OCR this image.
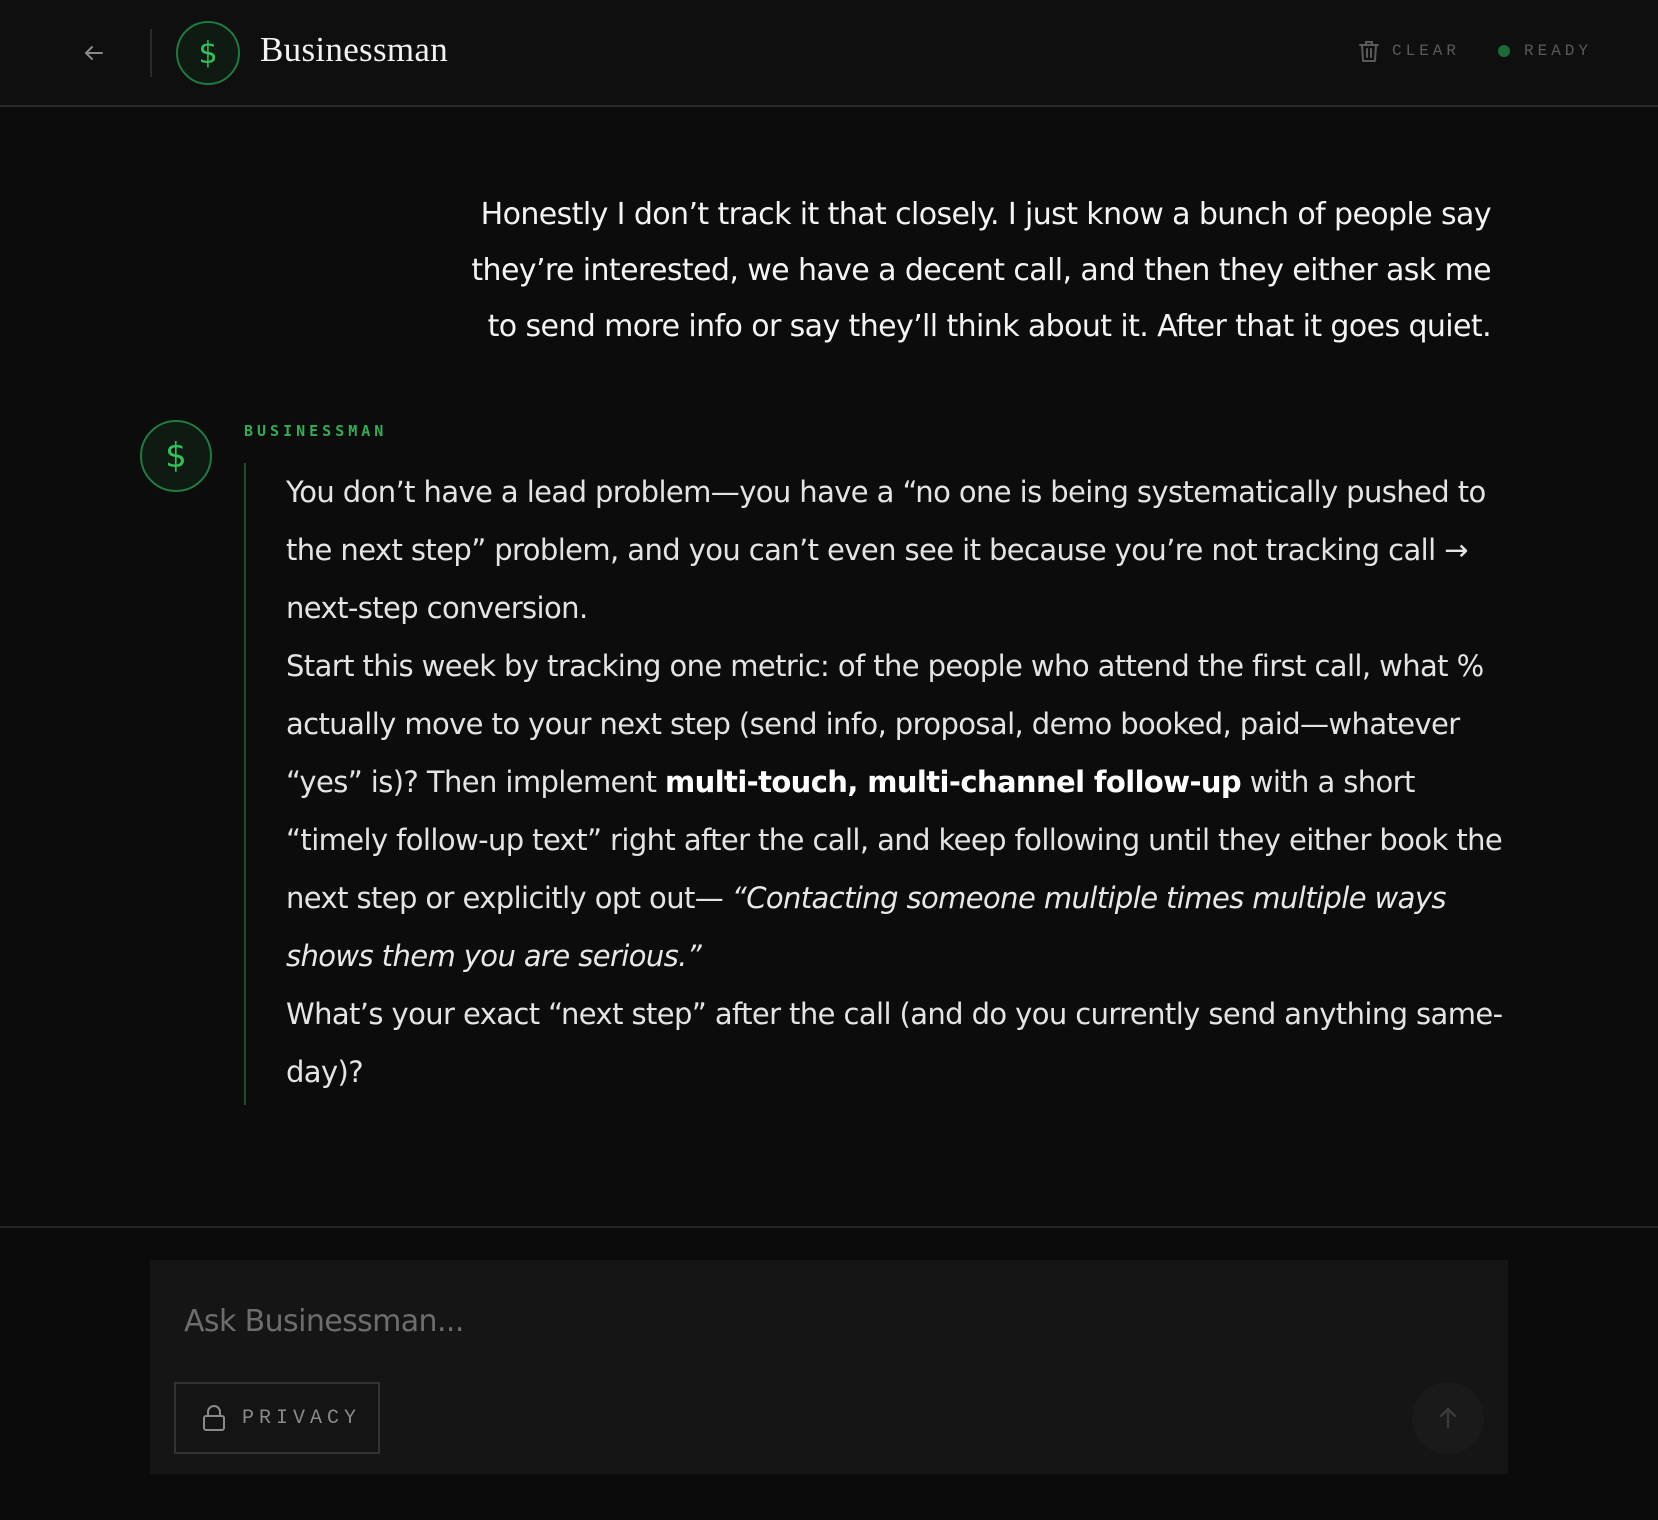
$ Businessman	CLEAR	READY
Honestly I don’t track it that closely. I just know a bunch of people say they’re interested, we have a decent call, and then they either ask me to send more info or say they’ll think about it. After that it goes quiet.
$
BUSINESSMAN

You don’t have a lead problem—you have a “no one is being systematically pushed to the next step” problem, and you can’t even see it because you’re not tracking call → next-step conversion.

Start this week by tracking one metric: of the people who attend the first call, what % actually move to your next step (send info, proposal, demo booked, paid—whatever “yes” is)? Then implement multi-touch, multi-channel follow-up with a short “timely follow-up text” right after the call, and keep following until they either book the next step or explicitly opt out— “Contacting someone multiple times multiple ways shows them you are serious.”

What’s your exact “next step” after the call (and do you currently send anything same-day)?

Ask Businessman...
PRIVACY
